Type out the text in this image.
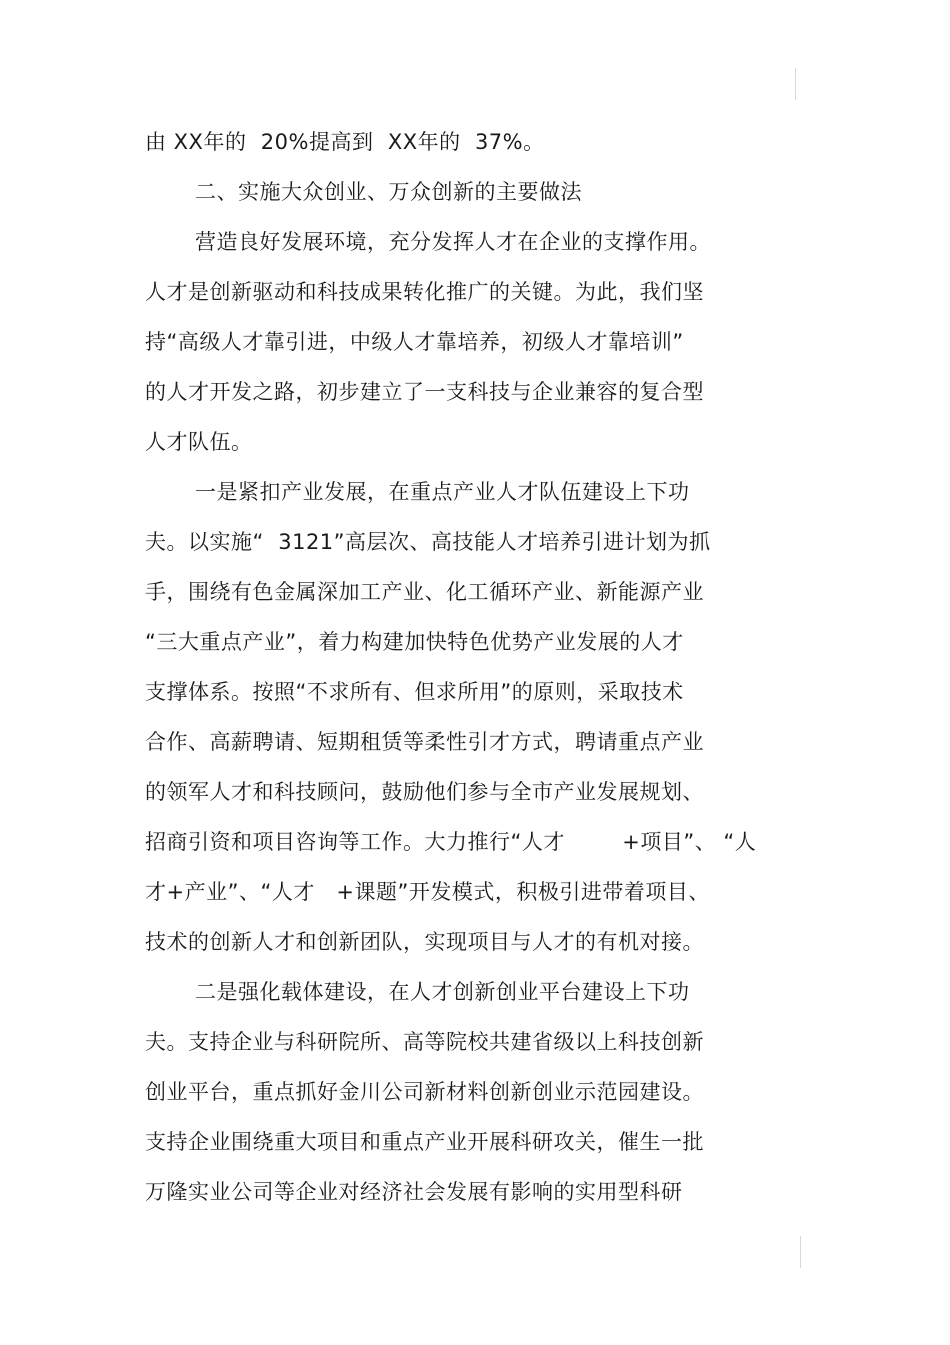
由 XX年的  20%提高到  XX年的  37%。
二、实施大众创业、万众创新的主要做法
营造良好发展环境，充分发挥人才在企业的支撑作用。
人才是创新驱动和科技成果转化推广的关键。为此，我们坚
持“高级人才靠引进，中级人才靠培养，初级人才靠培训”
的人才开发之路，初步建立了一支科技与企业兼容的复合型
人才队伍。
一是紧扣产业发展，在重点产业人才队伍建设上下功
夫。以实施“  3121”高层次、高技能人才培养引进计划为抓
手，围绕有色金属深加工产业、化工循环产业、新能源产业
“三大重点产业”，着力构建加快特色优势产业发展的人才
支撑体系。按照“不求所有、但求所用”的原则，采取技术
合作、高薪聘请、短期租赁等柔性引才方式，聘请重点产业
的领军人才和科技顾问，鼓励他们参与全市产业发展规划、
招商引资和项目咨询等工作。大力推行“人才        +项目”、 “人
才+产业”、“人才   +课题”开发模式，积极引进带着项目、
技术的创新人才和创新团队，实现项目与人才的有机对接。
二是强化载体建设，在人才创新创业平台建设上下功
夫。支持企业与科研院所、高等院校共建省级以上科技创新
创业平台，重点抓好金川公司新材料创新创业示范园建设。
支持企业围绕重大项目和重点产业开展科研攻关，催生一批
万隆实业公司等企业对经济社会发展有影响的实用型科研
